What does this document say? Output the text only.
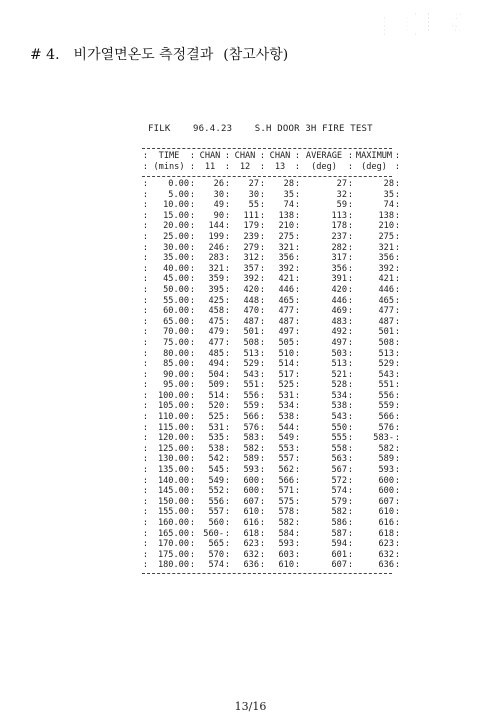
FILK
# 4. 비가열면온도 측정결과 (참고사항)
FILK    96.4.23    S.H DOOR 3H FIRE TEST
:	TIME	: CHAN : CHAN : CHAN : AVERAGE : MAXIMUM :
: (mins) :	11	:	12	:	13	:	(deg)	: (deg) :
:	0.00 :	26 :	27 :	28 :	27 :	28 :
:	5.00 :	30 :	30 :	35 :	32 :	35 :
:	10.00 :	49 :	55 :	74 :	59 :	74 :
:	15.00 :	90 :	111 :	138 :	113 :	138 :
:	20.00 :	144 :	179 :	210 :	178 :	210 :
:	25.00 :	199 :	239 :	275 :	237 :	275 :
:	30.00 :	246 :	279 :	321 :	282 :	321 :
:	35.00 :	283 :	312 :	356 :	317 :	356 :
:	40.00 :	321 :	357 :	392 :	356 :	392 :
:	45.00 :	359 :	392 :	421 :	391 :	421 :
:	50.00 :	395 :	420 :	446 :	420 :	446 :
:	55.00 :	425 :	448 :	465 :	446 :	465 :
:	60.00 :	458 :	470 :	477 :	469 :	477 :
:	65.00 :	475 :	487 :	487 :	483 :	487 :
:	70.00 :	479 :	501 :	497 :	492 :	501 :
:	75.00 :	477 :	508 :	505 :	497 :	508 :
:	80.00 :	485 :	513 :	510 :	503 :	513 :
:	85.00 :	494 :	529 :	514 :	513 :	529 :
:	90.00 :	504 :	543 :	517 :	521 :	543 :
:	95.00 :	509 :	551 :	525 :	528 :	551 :
:	100.00 :	514 :	556 :	531 :	534 :	556 :
:	105.00 :	520 :	559 :	534 :	538 :	559 :
:	110.00 :	525 :	566 :	538 :	543 :	566 :
:	115.00 :	531 :	576 :	544 :	550 :	576 :
:	120.00 :	535 :	583 :	549 :	555 :	583- :
:	125.00 :	538 :	582 :	553 :	558 :	582 :
:	130.00 :	542 :	589 :	557 :	563 :	589 :
:	135.00 :	545 :	593 :	562 :	567 :	593 :
:	140.00 :	549 :	600 :	566 :	572 :	600 :
:	145.00 :	552 :	600 :	571 :	574 :	600 :
:	150.00 :	556 :	607 :	575 :	579 :	607 :
:	155.00 :	557 :	610 :	578 :	582 :	610 :
:	160.00 :	560 :	616 :	582 :	586 :	616 :
:	165.00 : 560- :	618 :	584 :	587 :	618 :
:	170.00 :	565 :	623 :	593 :	594 :	623 :
:	175.00 :	570 :	632 :	603 :	601 :	632 :
:	180.00 :	574 :	636 :	610 :	607 :	636 :
13/16
